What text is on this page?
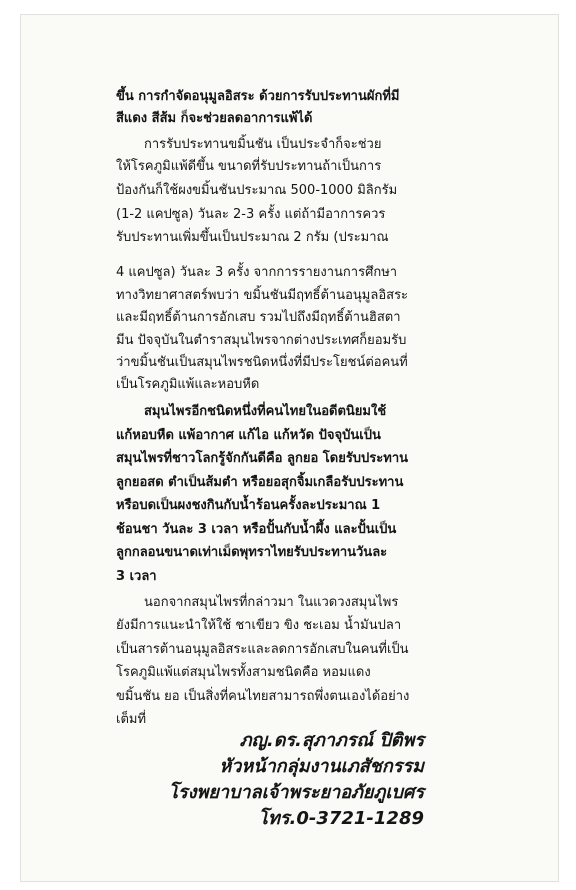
ขึ้น การกำจัดอนุมูลอิสระ ด้วยการรับประทานผักที่มี
สีแดง สีส้ม ก็จะช่วยลดอาการแพ้ได้
การรับประทานขมิ้นชัน เป็นประจำก็จะช่วย
ให้โรคภูมิแพ้ดีขึ้น ขนาดที่รับประทานถ้าเป็นการ
ป้องกันก็ใช้ผงขมิ้นชันประมาณ 500-1000 มิลิกรัม
(1-2 แคปซูล) วันละ 2-3 ครั้ง แต่ถ้ามีอาการควร
รับประทานเพิ่มขึ้นเป็นประมาณ 2 กรัม (ประมาณ
4 แคปซูล) วันละ 3 ครั้ง จากการรายงานการศึกษา
ทางวิทยาศาสตร์พบว่า ขมิ้นชันมีฤทธิ์ต้านอนุมูลอิสระ
และมีฤทธิ์ต้านการอักเสบ รวมไปถึงมีฤทธิ์ต้านฮิสตา
มีน ปัจจุบันในตำราสมุนไพรจากต่างประเทศก็ยอมรับ
ว่าขมิ้นชันเป็นสมุนไพรชนิดหนึ่งที่มีประโยชน์ต่อคนที่
เป็นโรคภูมิแพ้และหอบหืด
สมุนไพรอีกชนิดหนึ่งที่คนไทยในอดีตนิยมใช้
แก้หอบหืด แพ้อากาศ แก้ไอ แก้หวัด ปัจจุบันเป็น
สมุนไพรที่ชาวโลกรู้จักกันดีคือ ลูกยอ โดยรับประทาน
ลูกยอสด ตำเป็นส้มตำ หรือยอสุกจิ้มเกลือรับประทาน
หรือบดเป็นผงชงกินกับน้ำร้อนครั้งละประมาณ 1
ช้อนชา วันละ 3 เวลา หรือปั้นกับน้ำผึ้ง และปั้นเป็น
ลูกกลอนขนาดเท่าเม็ดพุทราไทยรับประทานวันละ
3 เวลา
นอกจากสมุนไพรที่กล่าวมา ในแวดวงสมุนไพร
ยังมีการแนะนำให้ใช้ ชาเขียว ขิง ชะเอม น้ำมันปลา
เป็นสารต้านอนุมูลอิสระและลดการอักเสบในคนที่เป็น
โรคภูมิแพ้แต่สมุนไพรทั้งสามชนิดคือ หอมแดง
ขมิ้นชัน ยอ เป็นสิ่งที่คนไทยสามารถพึ่งตนเองได้อย่าง
เต็มที่
ภญ.ดร.สุภาภรณ์ ปิติพร
หัวหน้ากลุ่มงานเภสัชกรรม
โรงพยาบาลเจ้าพระยาอภัยภูเบศร
โทร.0-3721-1289
